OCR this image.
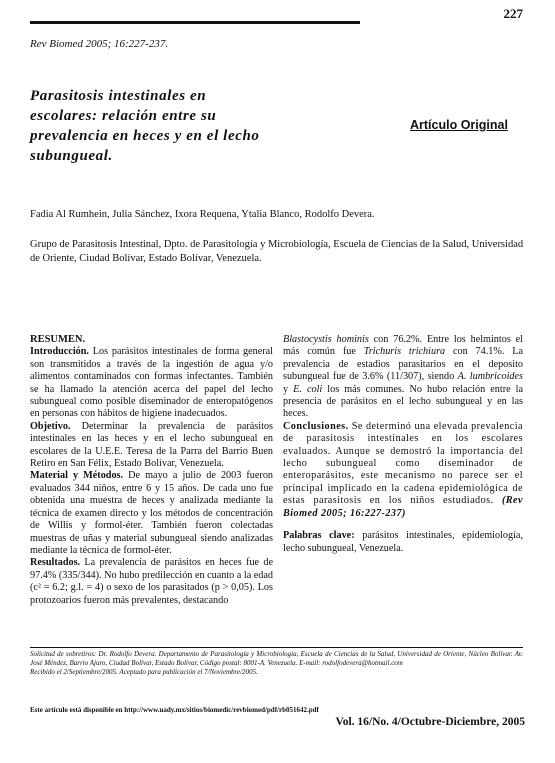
227
Rev Biomed 2005; 16:227-237.
Parasitosis intestinales en escolares: relación entre su prevalencia en heces y en el lecho subungueal.
Artículo Original
Fadia Al Rumhein, Julia Sánchez, Ixora Requena, Ytalia Blanco, Rodolfo Devera.
Grupo de Parasitosis Intestinal, Dpto. de Parasitología y Microbiología, Escuela de Ciencias de la Salud, Universidad de Oriente, Ciudad Bolívar, Estado Bolívar, Venezuela.

RESUMEN.

Introducción. Los parásitos intestinales de forma general son transmitidos a través de la ingestión de agua y/o alimentos contaminados con formas infectantes. También se ha llamado la atención acerca del papel del lecho subungueal como posible diseminador de enteropatógenos en personas con hábitos de higiene inadecuados.

Objetivo. Determinar la prevalencia de parásitos intestinales en las heces y en el lecho subungueal en escolares de la U.E.E. Teresa de la Parra del Barrio Buen Retiro en San Félix, Estado Bolívar, Venezuela.

Material y Métodos. De mayo a julio de 2003 fueron evaluados 344 niños, entre 6 y 15 años. De cada uno fue obtenida una muestra de heces y analizada mediante la técnica de examen directo y los métodos de concentración de Willis y formol-éter. También fueron colectadas muestras de uñas y material subungueal siendo analizadas mediante la técnica de formol-éter.

Resultados. La prevalencia de parásitos en heces fue de 97.4% (335/344). No hubo predilección en cuanto a la edad (c² = 6.2; g.l. = 4) o sexo de los parasitados (p > 0,05). Los protozoarios fueron más prevalentes, destacando

Blastocystis hominis con 76.2%. Entre los helmintos el más común fue Trichuris trichiura con 74.1%. La prevalencia de estadios parasitarios en el deposito subungueal fue de 3.6% (11/307), siendo A. lumbricoides y E. coli los más comunes. No hubo relación entre la presencia de parásitos en el lecho subungueal y en las heces.

Conclusiones. Se determinó una elevada prevalencia de parasitosis intestinales en los escolares evaluados. Aunque se demostró la importancia del lecho subungueal como diseminador de enteroparásitos, este mecanismo no parece ser el principal implicado en la cadena epidemiológica de estas parasitosis en los niños estudiados. (Rev Biomed 2005; 16:227-237)

Palabras clave: parásitos intestinales, epidemiología, lecho subungueal, Venezuela.

Solicitud de sobretiros: Dr. Rodolfo Devera. Departamento de Parasitología y Microbiología, Escuela de Ciencias de la Salud, Universidad de Oriente, Núcleo Bolívar. Av. José Méndez, Barrio Ajuro, Ciudad Bolívar, Estado Bolívar, Código postal: 8001-A. Venezuela. E-mail: rodolfodevera@hotmail.com
Recibido el 2/Septiembre/2005. Aceptado para publicación el 7/Noviembre/2005.
Este artículo está disponible en http://www.uady.mx/sitios/biomedic/revbiomed/pdf/rb051642.pdf
Vol. 16/No. 4/Octubre-Diciembre, 2005
